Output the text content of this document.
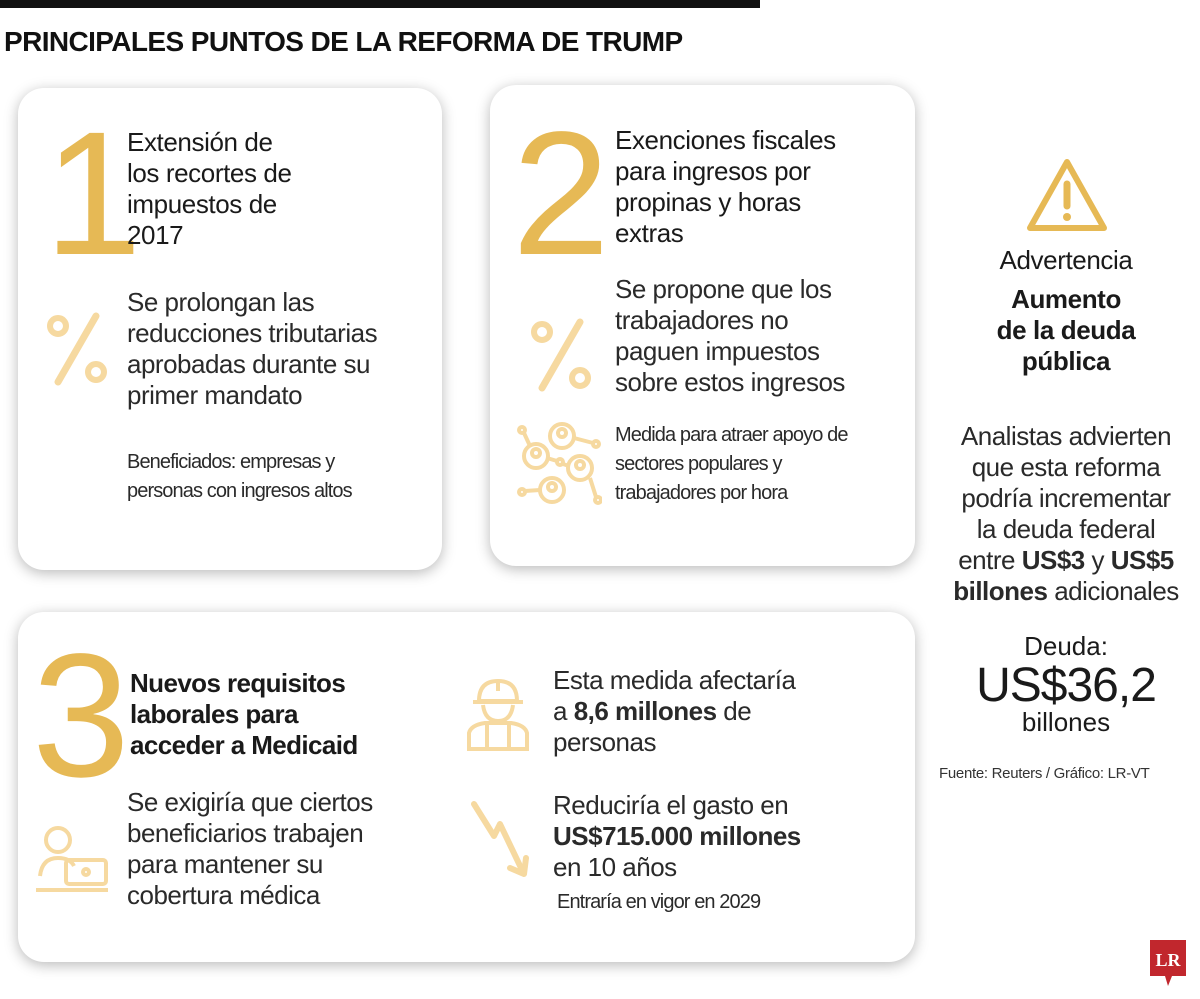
PRINCIPALES PUNTOS DE LA REFORMA DE TRUMP
1
Extensión de
los recortes de
impuestos de
2017
Se prolongan las
reducciones tributarias
aprobadas durante su
primer mandato
Beneficiados: empresas y
personas con ingresos altos
2 Exenciones fiscales
para ingresos por
propinas y horas
extras
Se propone que los
trabajadores no
paguen impuestos
sobre estos ingresos
Medida para atraer apoyo de
sectores populares y
trabajadores por hora
3 Nuevos requisitos
laborales para
acceder a Medicaid
Se exigiría que ciertos
beneficiarios trabajen
para mantener su
cobertura médica
Esta medida afectaría
a 8,6 millones de
personas
Reduciría el gasto en
US$715.000 millones
en 10 años
Entraría en vigor en 2029
Advertencia
Aumento
de la deuda
pública
Analistas advierten
que esta reforma
podría incrementar
la deuda federal
entre US$3 y US$5
billones adicionales
Deuda:
US$36,2
billones
Fuente: Reuters / Gráfico: LR-VT
LR
